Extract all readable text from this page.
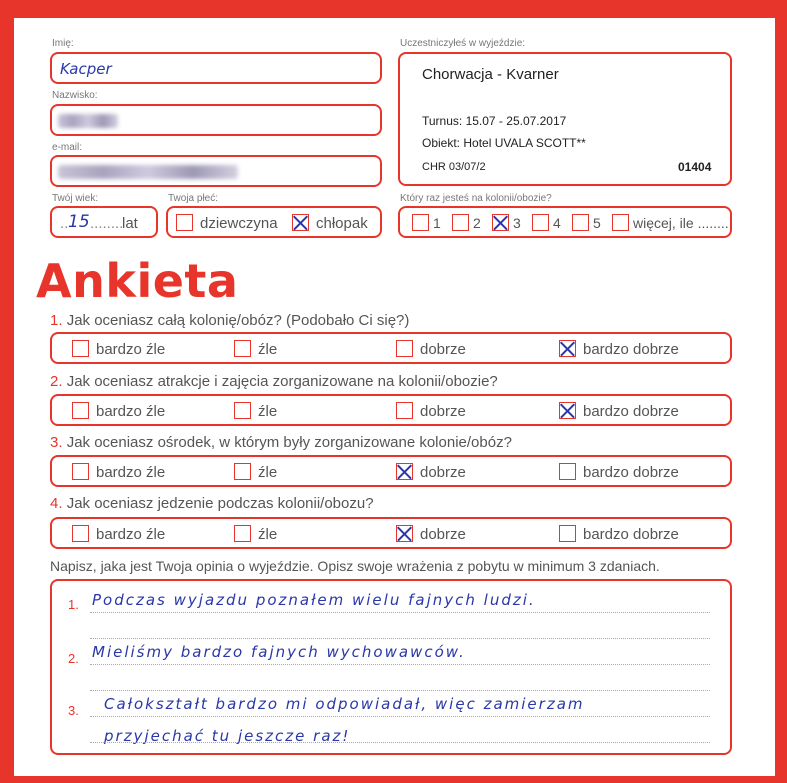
Imię:
Kacper
Nazwisko:
e-mail:
Twój wiek:
.. 15 ........
lat
Twoja płeć:
dziewczyna	chłopak
Uczestniczyłeś w wyjeździe:
Chorwacja - Kvarner
Turnus: 15.07 - 25.07.2017
Obiekt: Hotel UVALA SCOTT**
CHR 03/07/2	01404
Który raz jesteś na kolonii/obozie?
1 2 3 4 5 więcej, ile ........
Ankieta
1. Jak oceniasz całą kolonię/obóz? (Podobało Ci się?)
bardzo źle	źle	dobrze	bardzo dobrze
2. Jak oceniasz atrakcje i zajęcia zorganizowane na kolonii/obozie?
bardzo źle	źle	dobrze	bardzo dobrze
3. Jak oceniasz ośrodek, w którym były zorganizowane kolonie/obóz?
bardzo źle	źle	dobrze	bardzo dobrze
4. Jak oceniasz jedzenie podczas kolonii/obozu?
bardzo źle	źle	dobrze	bardzo dobrze
Napisz, jaka jest Twoja opinia o wyjeździe. Opisz swoje wrażenia z pobytu w minimum 3 zdaniach.
1. Podczas wyjazdu poznałem wielu fajnych ludzi.
2. Mieliśmy bardzo fajnych wychowawców.
3. Całokształt bardzo mi odpowiadał, więc zamierzam
przyjechać tu jeszcze raz!
